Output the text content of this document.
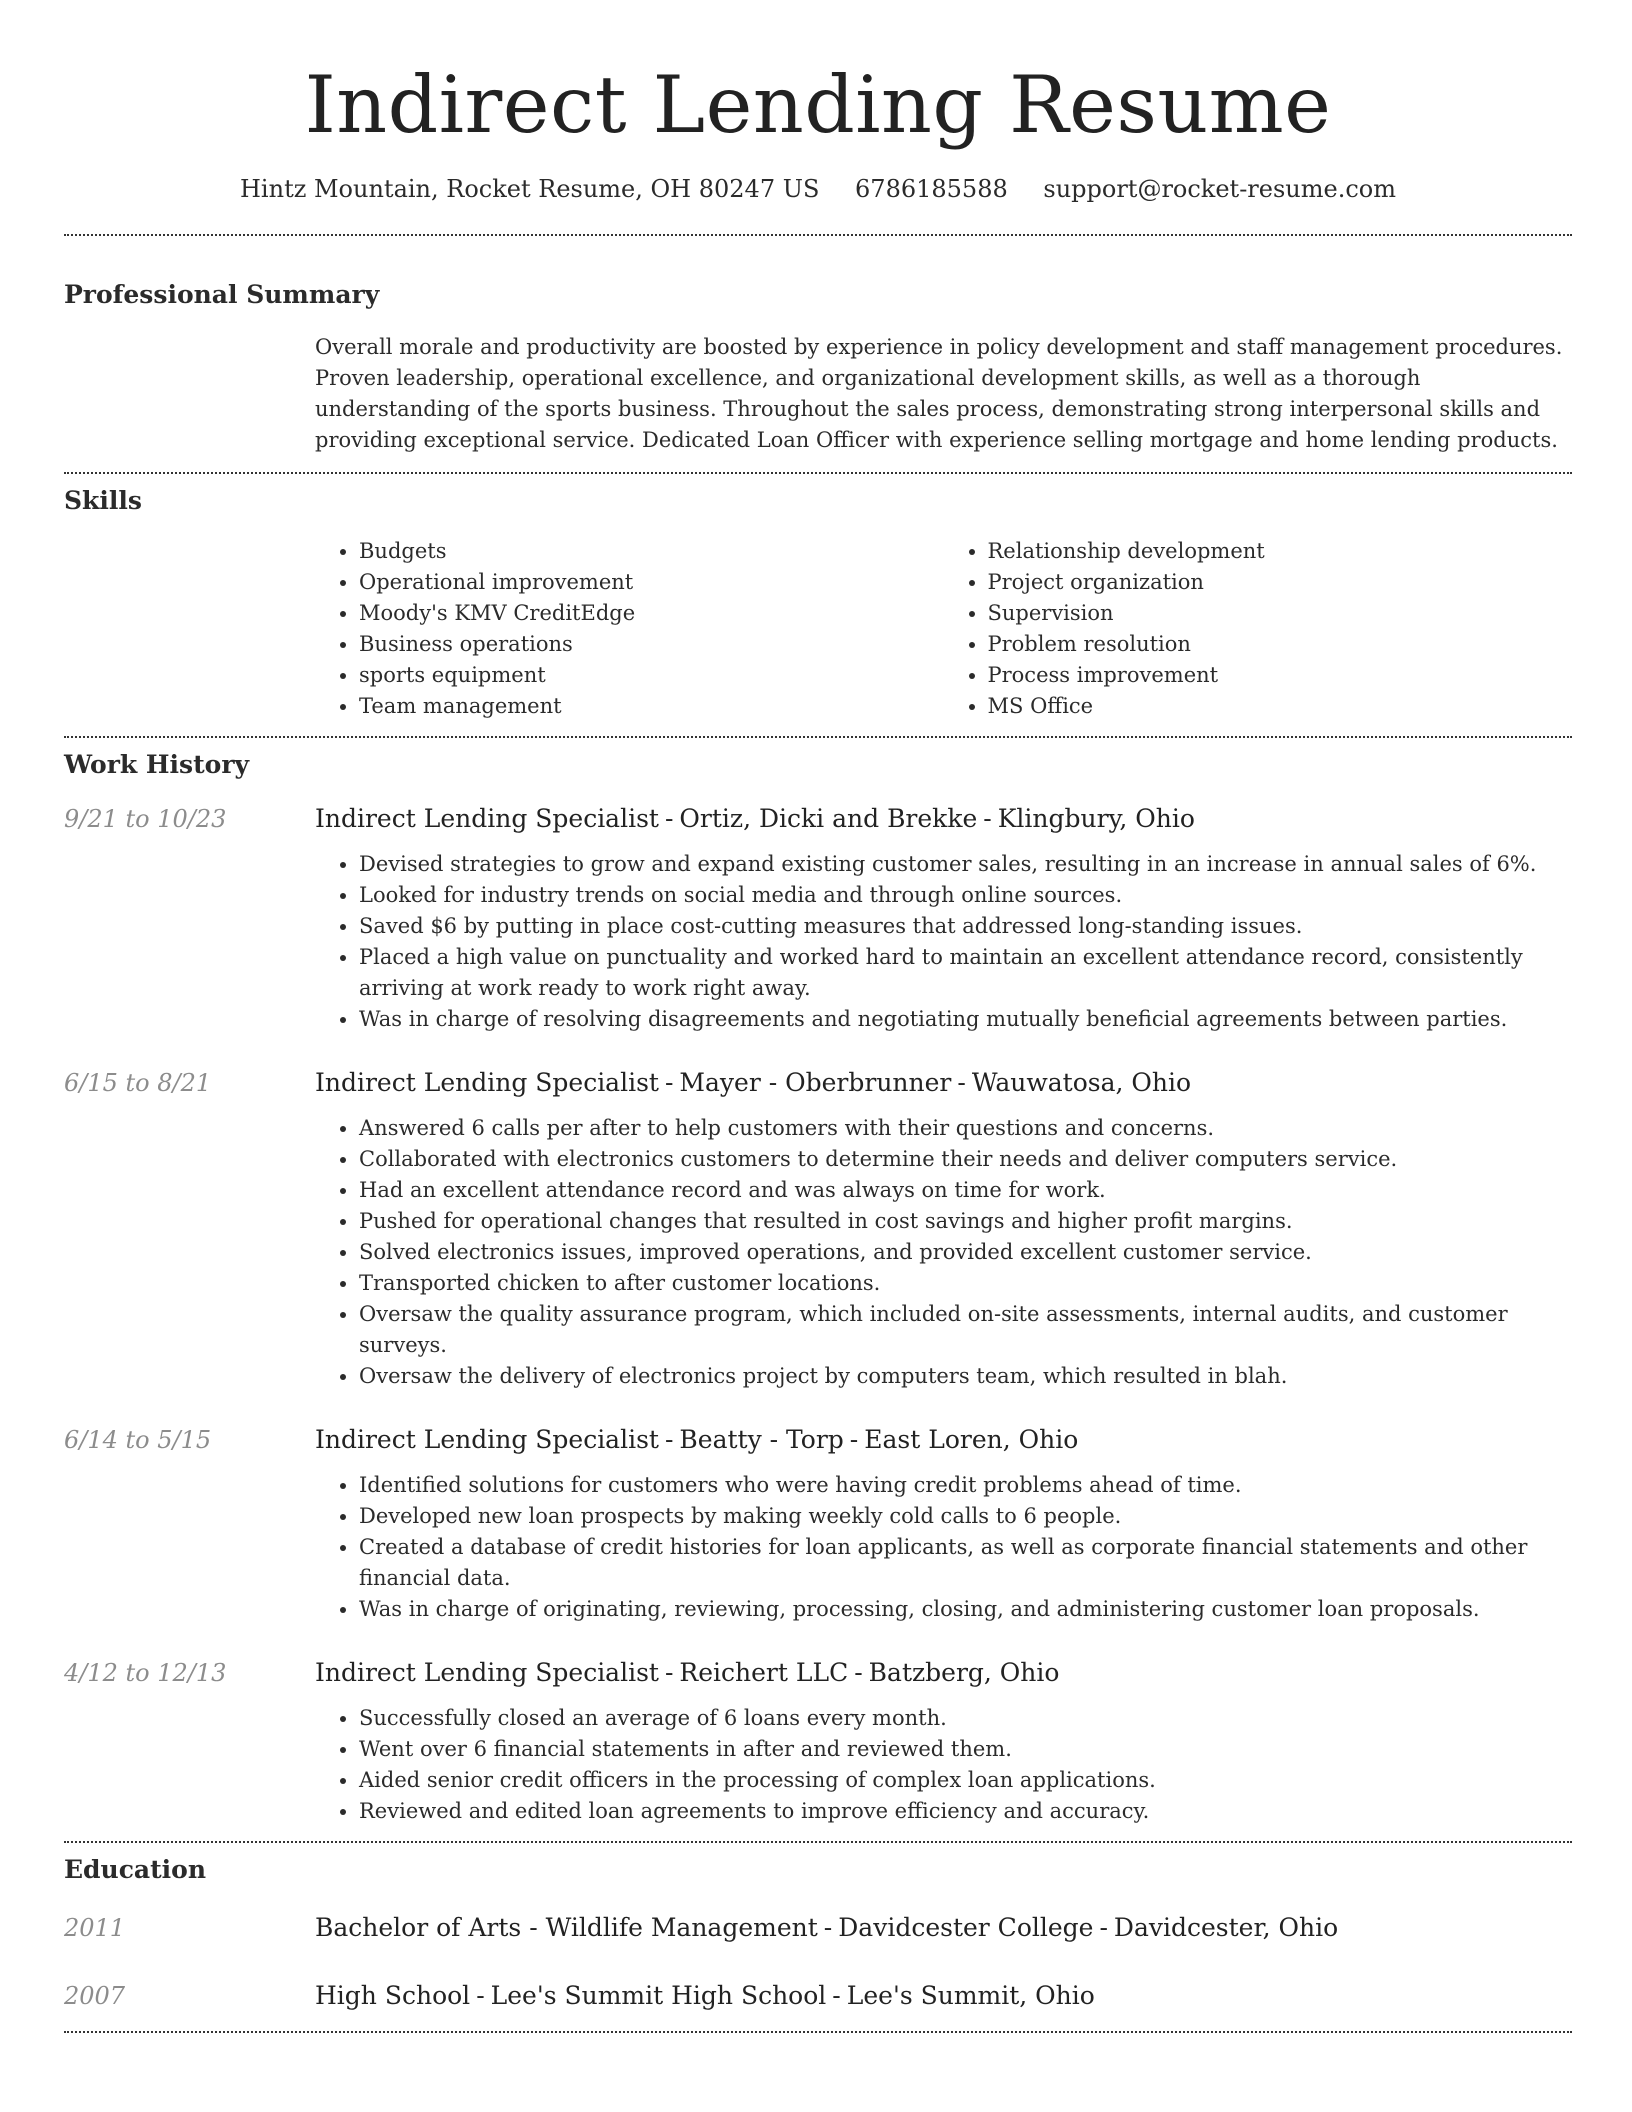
Indirect Lending Resume
Hintz Mountain, Rocket Resume, OH 80247 US 6786185588 support@rocket-resume.com
Professional Summary
Overall morale and productivity are boosted by experience in policy development and staff management procedures. Proven leadership, operational excellence, and organizational development skills, as well as a thorough understanding of the sports business. Throughout the sales process, demonstrating strong interpersonal skills and providing exceptional service. Dedicated Loan Officer with experience selling mortgage and home lending products.
Skills
• Budgets
• Operational improvement
• Moody's KMV CreditEdge
• Business operations
• sports equipment
• Team management
• Relationship development
• Project organization
• Supervision
• Problem resolution
• Process improvement
• MS Office
Work History
9/21 to 10/23	Indirect Lending Specialist - Ortiz, Dicki and Brekke - Klingbury, Ohio
• Devised strategies to grow and expand existing customer sales, resulting in an increase in annual sales of 6%.
• Looked for industry trends on social media and through online sources.
• Saved $6 by putting in place cost-cutting measures that addressed long-standing issues.
• Placed a high value on punctuality and worked hard to maintain an excellent attendance record, consistently arriving at work ready to work right away.
• Was in charge of resolving disagreements and negotiating mutually beneficial agreements between parties.
6/15 to 8/21	Indirect Lending Specialist - Mayer - Oberbrunner - Wauwatosa, Ohio
• Answered 6 calls per after to help customers with their questions and concerns.
• Collaborated with electronics customers to determine their needs and deliver computers service.
• Had an excellent attendance record and was always on time for work.
• Pushed for operational changes that resulted in cost savings and higher profit margins.
• Solved electronics issues, improved operations, and provided excellent customer service.
• Transported chicken to after customer locations.
• Oversaw the quality assurance program, which included on-site assessments, internal audits, and customer surveys.
• Oversaw the delivery of electronics project by computers team, which resulted in blah.
6/14 to 5/15	Indirect Lending Specialist - Beatty - Torp - East Loren, Ohio
• Identified solutions for customers who were having credit problems ahead of time.
• Developed new loan prospects by making weekly cold calls to 6 people.
• Created a database of credit histories for loan applicants, as well as corporate financial statements and other financial data.
• Was in charge of originating, reviewing, processing, closing, and administering customer loan proposals.
4/12 to 12/13	Indirect Lending Specialist - Reichert LLC - Batzberg, Ohio
• Successfully closed an average of 6 loans every month.
• Went over 6 financial statements in after and reviewed them.
• Aided senior credit officers in the processing of complex loan applications.
• Reviewed and edited loan agreements to improve efficiency and accuracy.
Education
2011	Bachelor of Arts - Wildlife Management - Davidcester College - Davidcester, Ohio
2007	High School - Lee's Summit High School - Lee's Summit, Ohio
